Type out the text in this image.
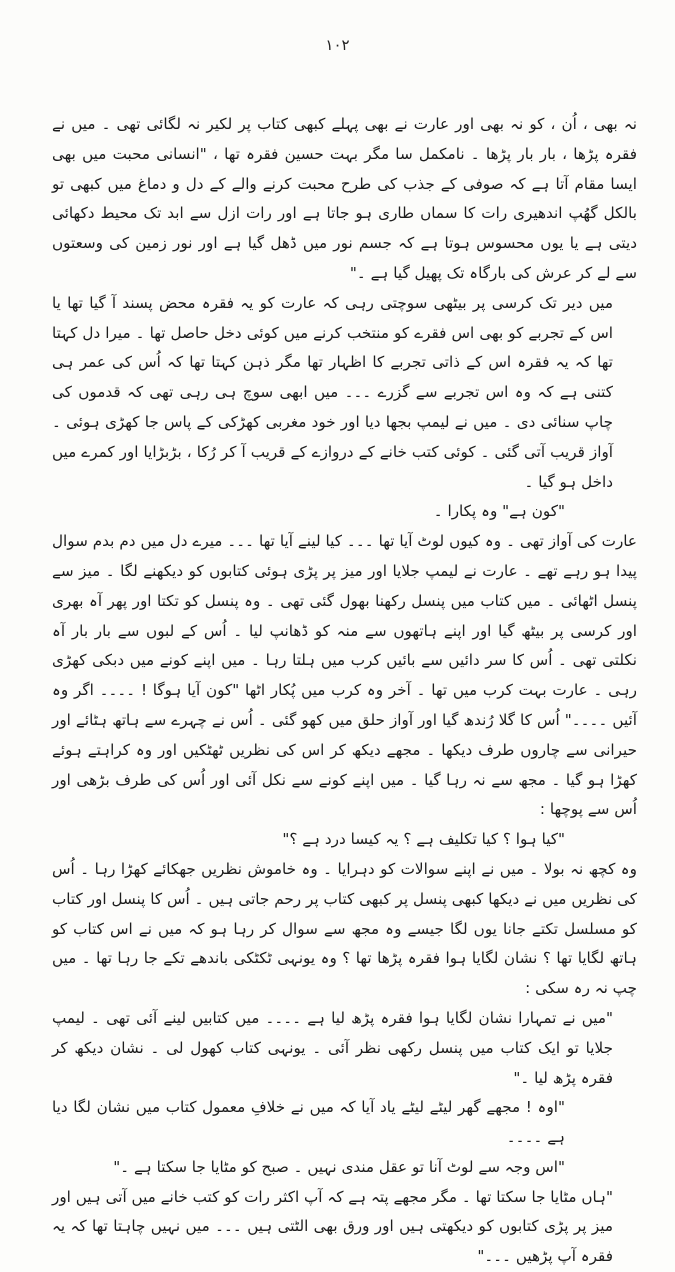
۱۰۲

نہ بھی ، اُن ، کو نہ بھی اور عارت نے بھی پہلے کبھی کتاب پر لکیر نہ لگائی تھی ۔ میں نے فقرہ پڑھا ، بار بار پڑھا ۔ نامکمل سا مگر بہت حسین فقرہ تھا ، "انسانی محبت میں بھی ایسا مقام آتا ہے کہ صوفی کے جذب کی طرح محبت کرنے والے کے دل و دماغ میں کبھی تو بالکل گھُپ اندھیری رات کا سماں طاری ہو جاتا ہے اور رات ازل سے ابد تک محیط دکھائی دیتی ہے یا یوں محسوس ہوتا ہے کہ جسم نور میں ڈھل گیا ہے اور نور زمین کی وسعتوں سے لے کر عرش کی بارگاہ تک پھیل گیا ہے ۔"

میں دیر تک کرسی پر بیٹھی سوچتی رہی کہ عارت کو یہ فقرہ محض پسند آ گیا تھا یا اس کے تجربے کو بھی اس فقرے کو منتخب کرنے میں کوئی دخل حاصل تھا ۔ میرا دل کہتا تھا کہ یہ فقرہ اس کے ذاتی تجربے کا اظہار تھا مگر ذہن کہتا تھا کہ اُس کی عمر ہی کتنی ہے کہ وہ اس تجربے سے گزرے ۔۔۔ میں ابھی سوچ ہی رہی تھی کہ قدموں کی چاپ سنائی دی ۔ میں نے لیمپ بجھا دیا اور خود مغربی کھڑکی کے پاس جا کھڑی ہوئی ۔ آواز قریب آتی گئی ۔ کوئی کتب خانے کے دروازے کے قریب آ کر رُکا ، بڑبڑایا اور کمرے میں داخل ہو گیا ۔

"کون ہے" وہ پکارا ۔

عارت کی آواز تھی ۔ وہ کیوں لوٹ آیا تھا ۔۔۔ کیا لینے آیا تھا ۔۔۔ میرے دل میں دم بدم سوال پیدا ہو رہے تھے ۔ عارت نے لیمپ جلایا اور میز پر پڑی ہوئی کتابوں کو دیکھنے لگا ۔ میز سے پنسل اٹھائی ۔ میں کتاب میں پنسل رکھنا بھول گئی تھی ۔ وہ پنسل کو تکتا اور پھر آہ بھری اور کرسی پر بیٹھ گیا اور اپنے ہاتھوں سے منہ کو ڈھانپ لیا ۔ اُس کے لبوں سے بار بار آہ نکلتی تھی ۔ اُس کا سر دائیں سے بائیں کرب میں ہلتا رہا ۔ میں اپنے کونے میں دبکی کھڑی رہی ۔ عارت بہت کرب میں تھا ۔ آخر وہ کرب میں پُکار اٹھا "کون آیا ہوگا ! ۔۔۔۔ اگر وہ آئیں ۔۔۔۔" اُس کا گلا رُندھ گیا اور آواز حلق میں کھو گئی ۔ اُس نے چہرے سے ہاتھ ہٹائے اور حیرانی سے چاروں طرف دیکھا ۔ مجھے دیکھ کر اس کی نظریں ٹھٹکیں اور وہ کراہتے ہوئے کھڑا ہو گیا ۔ مجھ سے نہ رہا گیا ۔ میں اپنے کونے سے نکل آئی اور اُس کی طرف بڑھی اور اُس سے پوچھا :

"کیا ہوا ؟ کیا تکلیف ہے ؟ یہ کیسا درد ہے ؟"

وہ کچھ نہ بولا ۔ میں نے اپنے سوالات کو دہرایا ۔ وہ خاموش نظریں جھکائے کھڑا رہا ۔ اُس کی نظریں میں نے دیکھا کبھی پنسل پر کبھی کتاب پر رحم جاتی ہیں ۔ اُس کا پنسل اور کتاب کو مسلسل تکتے جانا یوں لگا جیسے وہ مجھ سے سوال کر رہا ہو کہ میں نے اس کتاب کو ہاتھ لگایا تھا ؟ نشان لگایا ہوا فقرہ پڑھا تھا ؟ وہ یونہی ٹکٹکی باندھے تکے جا رہا تھا ۔ میں چپ نہ رہ سکی :

"میں نے تمہارا نشان لگایا ہوا فقرہ پڑھ لیا ہے ۔۔۔۔ میں کتابیں لینے آئی تھی ۔ لیمپ جلایا تو ایک کتاب میں پنسل رکھی نظر آئی ۔ یونہی کتاب کھول لی ۔ نشان دیکھ کر فقرہ پڑھ لیا ۔"

"اوہ ! مجھے گھر لیٹے لیٹے یاد آیا کہ میں نے خلافِ معمول کتاب میں نشان لگا دیا ہے ۔۔۔۔

"اس وجہ سے لوٹ آنا تو عقل مندی نہیں ۔ صبح کو مٹایا جا سکتا ہے ۔"

"ہاں مٹایا جا سکتا تھا ۔ مگر مجھے پتہ ہے کہ آپ اکثر رات کو کتب خانے میں آتی ہیں اور میز پر پڑی کتابوں کو دیکھتی ہیں اور ورق بھی الٹتی ہیں ۔۔۔ میں نہیں چاہتا تھا کہ یہ فقرہ آپ پڑھیں ۔۔۔"
